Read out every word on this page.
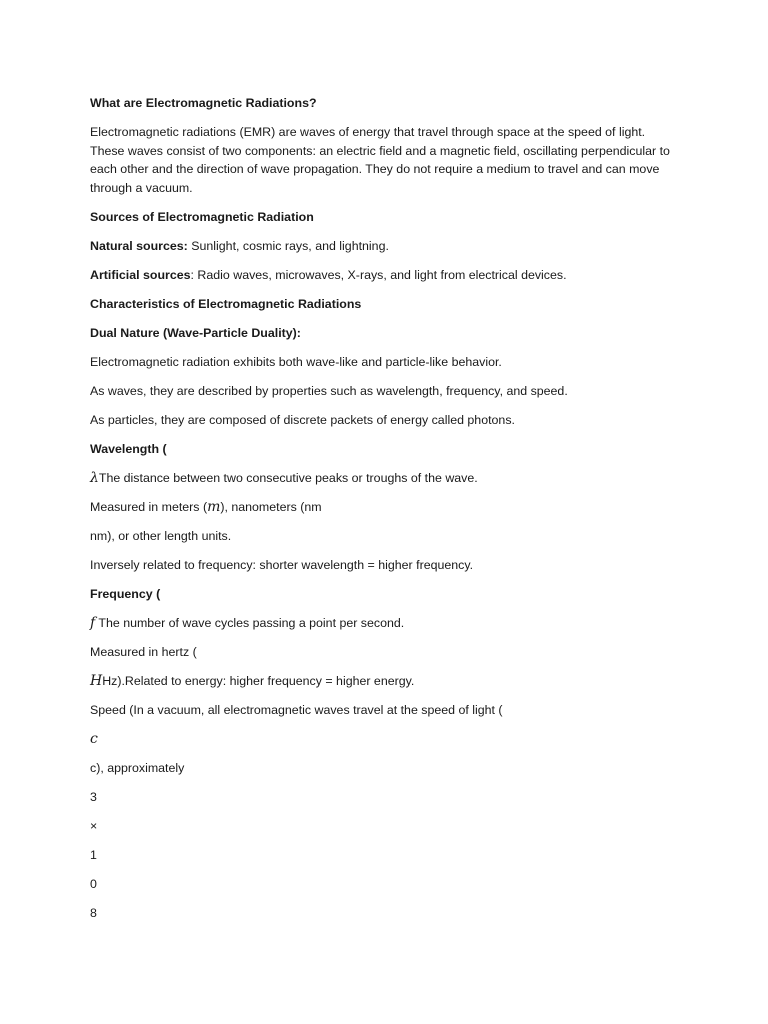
What are Electromagnetic Radiations?

Electromagnetic radiations (EMR) are waves of energy that travel through space at the speed of light. These waves consist of two components: an electric field and a magnetic field, oscillating perpendicular to each other and the direction of wave propagation. They do not require a medium to travel and can move through a vacuum.

Sources of Electromagnetic Radiation

Natural sources: Sunlight, cosmic rays, and lightning.

Artificial sources: Radio waves, microwaves, X-rays, and light from electrical devices.

Characteristics of Electromagnetic Radiations

Dual Nature (Wave-Particle Duality):

Electromagnetic radiation exhibits both wave-like and particle-like behavior.

As waves, they are described by properties such as wavelength, frequency, and speed.

As particles, they are composed of discrete packets of energy called photons.

Wavelength (

λThe distance between two consecutive peaks or troughs of the wave.

Measured in meters (m), nanometers (nm

nm), or other length units.

Inversely related to frequency: shorter wavelength = higher frequency.

Frequency (

f The number of wave cycles passing a point per second.

Measured in hertz (

HHz).Related to energy: higher frequency = higher energy.

Speed (In a vacuum, all electromagnetic waves travel at the speed of light (

c

c), approximately

3

×

1

0

8
